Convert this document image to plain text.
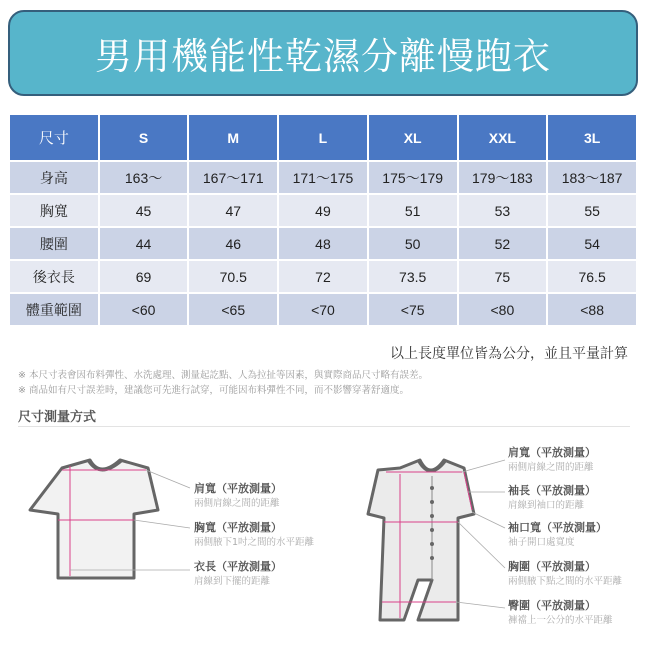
男用機能性乾濕分離慢跑衣
尺寸	S	M	L	XL	XXL	3L
身高	163～	167～171	171～175	175～179	179～183	183～187
胸寬	45	47	49	51	53	55
腰圍	44	46	48	50	52	54
後衣長	69	70.5	72	73.5	75	76.5
體重範圍	<60	<65	<70	<75	<80	<88
以上長度單位皆為公分，並且平量計算
※ 本尺寸表會因布料彈性、水洗處理、測量起訖點、人為拉扯等因素，與實際商品尺寸略有誤差。
※ 商品如有尺寸誤差時，建議您可先進行試穿，可能因布料彈性不同，而不影響穿著舒適度。
尺寸測量方式
肩寬（平放測量）
兩側肩線之間的距離
胸寬（平放測量）
兩側腋下1吋之間的水平距離
衣長（平放測量）
肩線到下擺的距離
肩寬（平放測量）
兩側肩線之間的距離
袖長（平放測量）
肩線到袖口的距離
袖口寬（平放測量）
袖子開口處寬度
胸圍（平放測量）
兩側腋下點之間的水平距離
臀圍（平放測量）
褲襠上一公分的水平距離
